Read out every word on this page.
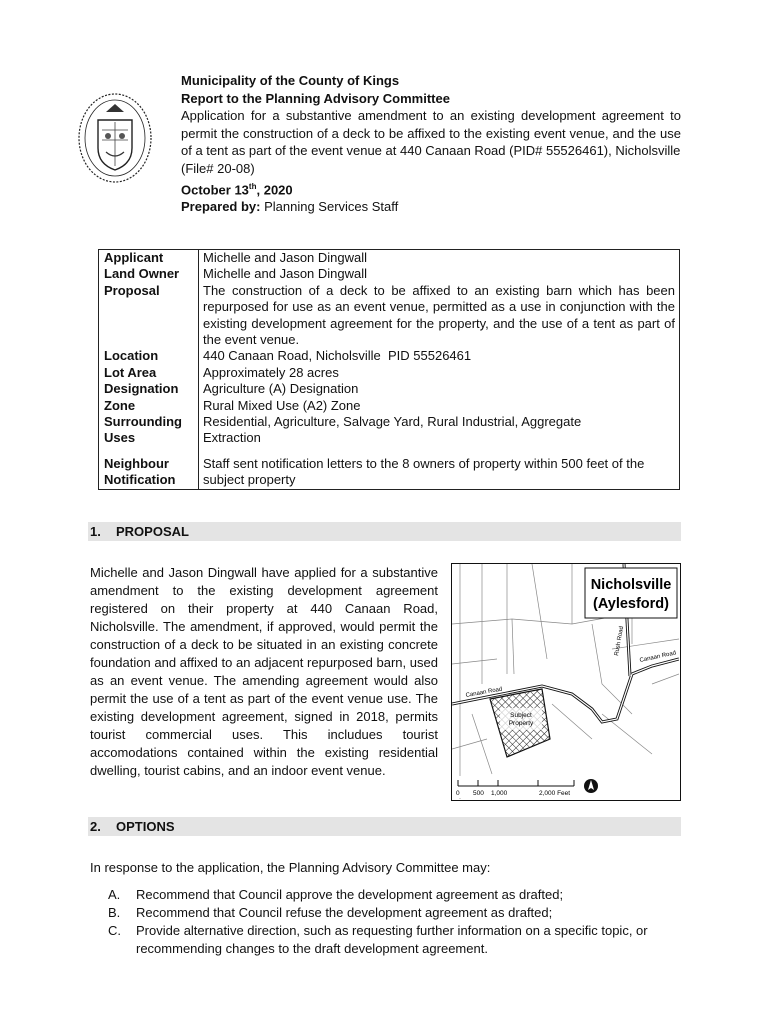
Municipality of the County of Kings

Report to the Planning Advisory Committee

Application for a substantive amendment to an existing development agreement to permit the construction of a deck to be affixed to the existing event venue, and the use of a tent as part of the event venue at 440 Canaan Road (PID# 55526461), Nicholsville

(File# 20-08)

October 13th, 2020

Prepared by: Planning Services Staff

Applicant	Michelle and Jason Dingwall
Land Owner	Michelle and Jason Dingwall
Proposal	The construction of a deck to be affixed to an existing barn which has been repurposed for use as an event venue, permitted as a use in conjunction with the existing development agreement for the property, and the use of a tent as part of the event venue.
Location	440 Canaan Road, Nicholsville  PID 55526461
Lot Area	Approximately 28 acres
Designation	Agriculture (A) Designation
Zone	Rural Mixed Use (A2) Zone
Surrounding
Uses	Residential, Agriculture, Salvage Yard, Rural Industrial, Aggregate Extraction

Neighbour
Notification	Staff sent notification letters to the 8 owners of property within 500 feet of the subject property
1. PROPOSAL

Michelle and Jason Dingwall have applied for a substantive amendment to the existing development agreement registered on their property at 440 Canaan Road, Nicholsville. The amendment, if approved, would permit the construction of a deck to be situated in an existing concrete foundation and affixed to an adjacent repurposed barn, used as an event venue. The amending agreement would also permit the use of a tent as part of the event venue use. The existing development agreement, signed in 2018, permits tourist commercial uses. This includues tourist accomodations contained within the existing residential dwelling, tourist cabins, and an indoor event venue.

Subject
Property
Canaan Road
Canaan Road
Rush Road
Nicholsville
(Aylesford)
0 500 1,000	2,000 Feet
2. OPTIONS
In response to the application, the Planning Advisory Committee may:
A.	Recommend that Council approve the development agreement as drafted;
B.	Recommend that Council refuse the development agreement as drafted;
C.	Provide alternative direction, such as requesting further information on a specific topic, or recommending changes to the draft development agreement.
